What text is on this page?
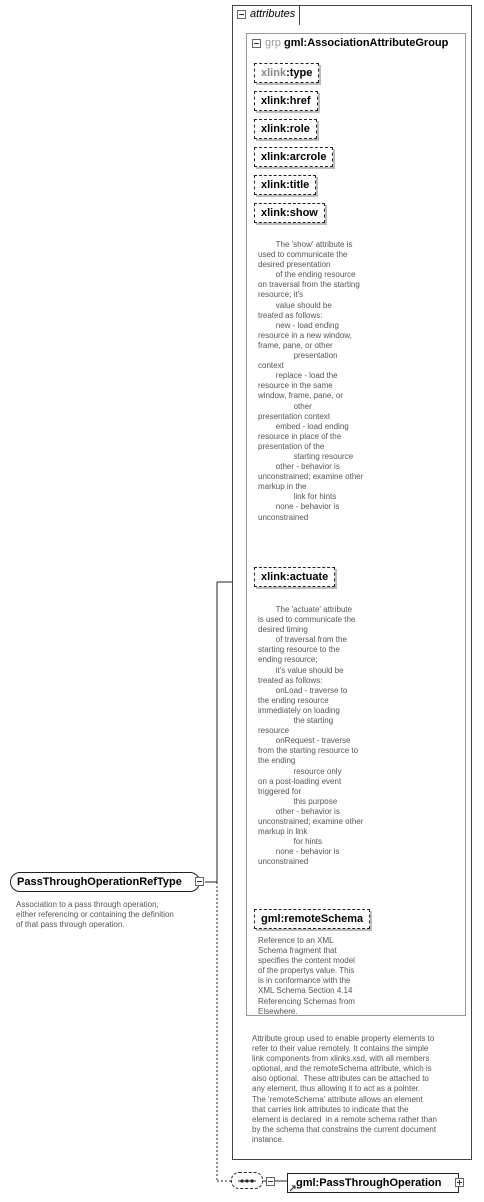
attributes
grp gml:AssociationAttributeGroup
xlink:type
xlink:href
xlink:role
xlink:arcrole
xlink:title
xlink:show
The 'show' attribute is
used to communicate the
desired presentation
of the ending resource
on traversal from the starting
resource; it's
value should be
treated as follows:
new - load ending
resource in a new window,
frame, pane, or other
presentation
context
replace - load the
resource in the same
window, frame, pane, or
other
presentation context
embed - load ending
resource in place of the
presentation of the
starting resource
other - behavior is
unconstrained; examine other
markup in the
link for hints
none - behavior is
unconstrained
xlink:actuate
The 'actuate' attribute
is used to communicate the
desired timing
of traversal from the
starting resource to the
ending resource;
it's value should be
treated as follows:
onLoad - traverse to
the ending resource
immediately on loading
the starting
resource
onRequest - traverse
from the starting resource to
the ending
resource only
on a post-loading event
triggered for
this purpose
other - behavior is
unconstrained; examine other
markup in link
for hints
none - behavior is
unconstrained
gml:remoteSchema
Reference to an XML
Schema fragment that
specifies the content model
of the propertys value. This
is in conformance with the
XML Schema Section 4.14
Referencing Schemas from
Elsewhere.
Attribute group used to enable property elements to
refer to their value remotely. It contains the simple
link components from xlinks.xsd, with all members
optional, and the remoteSchema attribute, which is
also optional.  These attributes can be attached to
any element, thus allowing it to act as a pointer.
The 'remoteSchema' attribute allows an element
that carries link attributes to indicate that the
element is declared  in a remote schema rather than
by the schema that constrains the current document
instance.
PassThroughOperationRefType
Association to a pass through operation,
either referencing or containing the definition
of that pass through operation.
gml:PassThroughOperation
